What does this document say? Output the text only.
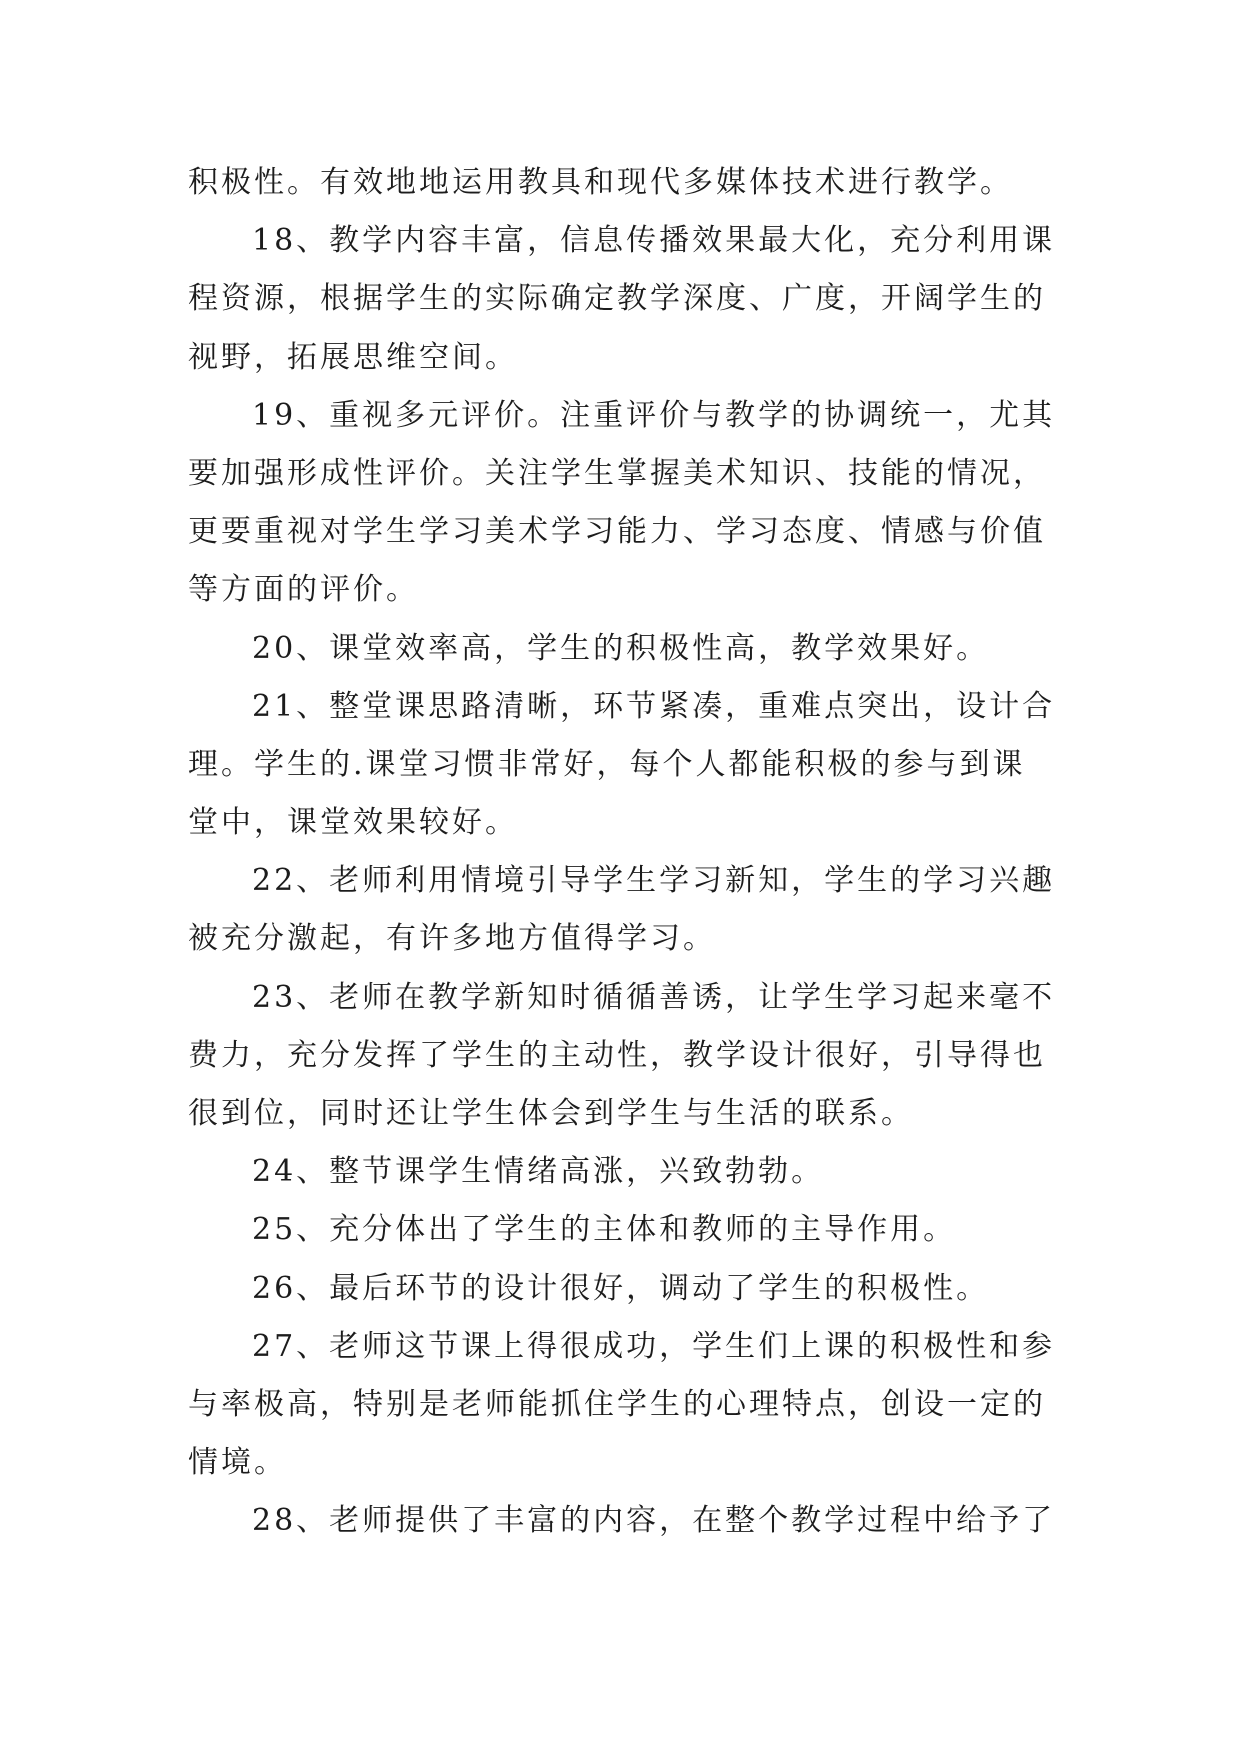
积极性。有效地地运用教具和现代多媒体技术进行教学。
18、教学内容丰富，信息传播效果最大化，充分利用课
程资源，根据学生的实际确定教学深度、广度，开阔学生的
视野，拓展思维空间。
19、重视多元评价。注重评价与教学的协调统一，尤其
要加强形成性评价。关注学生掌握美术知识、技能的情况，
更要重视对学生学习美术学习能力、学习态度、情感与价值
等方面的评价。
20、课堂效率高，学生的积极性高，教学效果好。
21、整堂课思路清晰，环节紧凑，重难点突出，设计合
理。学生的.课堂习惯非常好，每个人都能积极的参与到课
堂中，课堂效果较好。
22、老师利用情境引导学生学习新知，学生的学习兴趣
被充分激起，有许多地方值得学习。
23、老师在教学新知时循循善诱，让学生学习起来毫不
费力，充分发挥了学生的主动性，教学设计很好，引导得也
很到位，同时还让学生体会到学生与生活的联系。
24、整节课学生情绪高涨，兴致勃勃。
25、充分体出了学生的主体和教师的主导作用。
26、最后环节的设计很好，调动了学生的积极性。
27、老师这节课上得很成功，学生们上课的积极性和参
与率极高，特别是老师能抓住学生的心理特点，创设一定的
情境。
28、老师提供了丰富的内容，在整个教学过程中给予了
